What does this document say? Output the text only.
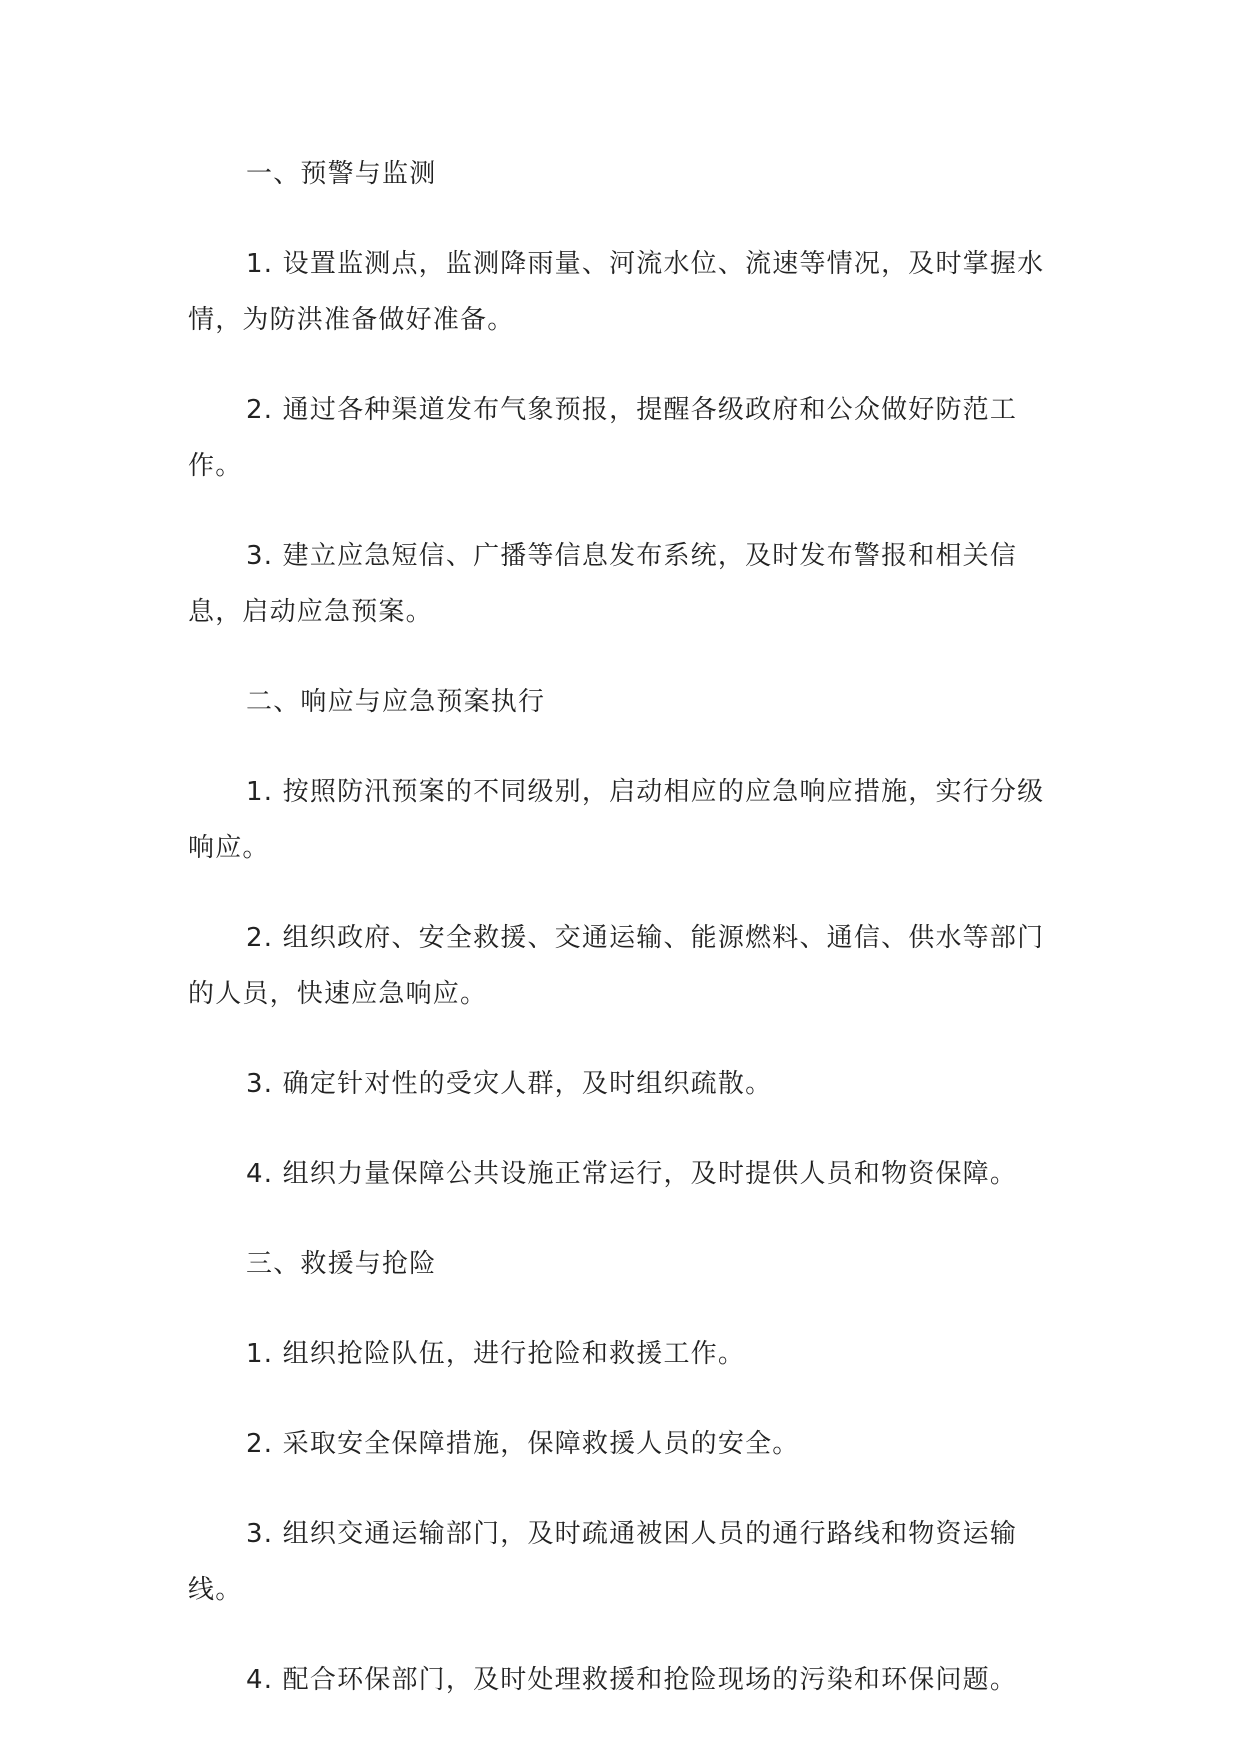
一、预警与监测

1. 设置监测点，监测降雨量、河流水位、流速等情况，及时掌握水情，为防洪准备做好准备。

2. 通过各种渠道发布气象预报，提醒各级政府和公众做好防范工作。

3. 建立应急短信、广播等信息发布系统，及时发布警报和相关信息，启动应急预案。

二、响应与应急预案执行

1. 按照防汛预案的不同级别，启动相应的应急响应措施，实行分级响应。

2. 组织政府、安全救援、交通运输、能源燃料、通信、供水等部门的人员，快速应急响应。

3. 确定针对性的受灾人群，及时组织疏散。

4. 组织力量保障公共设施正常运行，及时提供人员和物资保障。

三、救援与抢险

1. 组织抢险队伍，进行抢险和救援工作。

2. 采取安全保障措施，保障救援人员的安全。

3. 组织交通运输部门，及时疏通被困人员的通行路线和物资运输线。

4. 配合环保部门，及时处理救援和抢险现场的污染和环保问题。
